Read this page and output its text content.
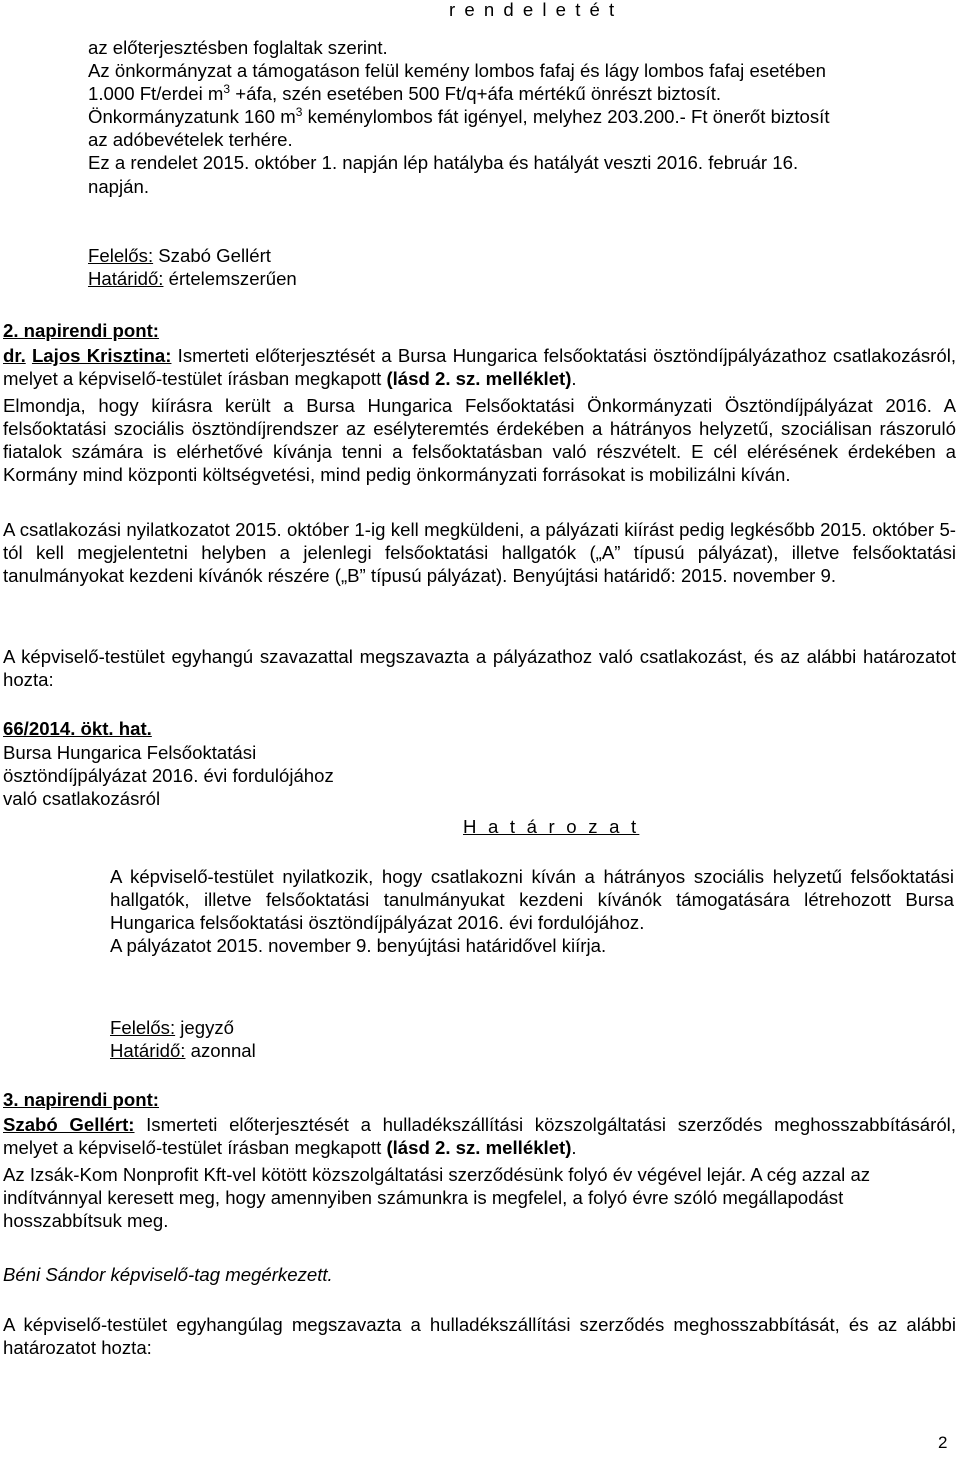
r e n d e l e t é t

az előterjesztésben foglaltak szerint.

Az önkormányzat a támogatáson felül kemény lombos fafaj és lágy lombos fafaj esetében

1.000 Ft/erdei $m^3$ +áfa, szén esetében 500 Ft/q+áfa mértékű önrészt biztosít.

Önkormányzatunk 160 $m^3$ keménylombos fát igényel, melyhez 203.200.- Ft önerőt biztosít

az adóbevételek terhére.

Ez a rendelet 2015. október 1. napján lép hatályba és hatályát veszti 2016. február 16.

napján.

Felelős: Szabó Gellért

Határidő: értelemszerűen

2. napirendi pont:

dr. Lajos Krisztina: Ismerteti előterjesztését a Bursa Hungarica felsőoktatási ösztöndíjpályázathoz csatlakozásról, melyet a képviselő-testület írásban megkapott (lásd 2. sz. melléklet).

Elmondja, hogy kiírásra került a Bursa Hungarica Felsőoktatási Önkormányzati Ösztöndíjpályázat 2016. A felsőoktatási szociális ösztöndíjrendszer az esélyteremtés érdekében a hátrányos helyzetű, szociálisan rászoruló fiatalok számára is elérhetővé kívánja tenni a felsőoktatásban való részvételt. E cél elérésének érdekében a Kormány mind központi költségvetési, mind pedig önkormányzati forrásokat is mobilizálni kíván.
A csatlakozási nyilatkozatot 2015. október 1-ig kell megküldeni, a pályázati kiírást pedig legkésőbb 2015. október 5-tól kell megjelentetni helyben a jelenlegi felsőoktatási hallgatók („A” típusú pályázat), illetve felsőoktatási tanulmányokat kezdeni kívánók részére („B” típusú pályázat). Benyújtási határidő: 2015. november 9.
A képviselő-testület egyhangú szavazattal megszavazta a pályázathoz való csatlakozást, és az alábbi határozatot hozta:
66/2014. ökt. hat.

Bursa Hungarica Felsőoktatási

ösztöndíjpályázat 2016. évi fordulójához

való csatlakozásról

H a t á r o z a t

A képviselő-testület nyilatkozik, hogy csatlakozni kíván a hátrányos szociális helyzetű felsőoktatási hallgatók, illetve felsőoktatási tanulmányukat kezdeni kívánók támogatására létrehozott Bursa Hungarica felsőoktatási ösztöndíjpályázat 2016. évi fordulójához.

A pályázatot 2015. november 9. benyújtási határidővel kiírja.

Felelős: jegyző

Határidő: azonnal

3. napirendi pont:

Szabó Gellért: Ismerteti előterjesztését a hulladékszállítási közszolgáltatási szerződés meghosszabbításáról, melyet a képviselő-testület írásban megkapott (lásd 2. sz. melléklet).

Az Izsák-Kom Nonprofit Kft-vel kötött közszolgáltatási szerződésünk folyó év végével lejár. A cég azzal az indítvánnyal keresett meg, hogy amennyiben számunkra is megfelel, a folyó évre szóló megállapodást hosszabbítsuk meg.
Béni Sándor képviselő-tag megérkezett.
A képviselő-testület egyhangúlag megszavazta a hulladékszállítási szerződés meghosszabbítását, és az alábbi határozatot hozta:
2
